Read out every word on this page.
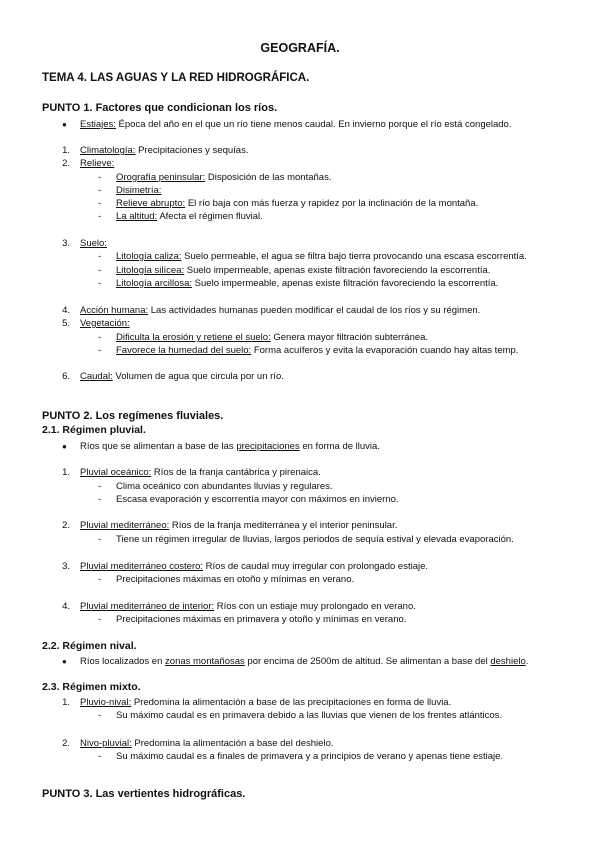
GEOGRAFÍA.
TEMA 4. LAS AGUAS Y LA RED HIDROGRÁFICA.
PUNTO 1. Factores que condicionan los ríos.
● Estiajes: Época del año en el que un río tiene menos caudal. En invierno porque el río está congelado.
1. Climatología: Precipitaciones y sequías.
2. Relieve:
- Orografía peninsular: Disposición de las montañas.
- Disimetría:
- Relieve abrupto: El río baja con más fuerza y rapidez por la inclinación de la montaña.
- La altitud: Afecta el régimen fluvial.
3. Suelo:
- Litología caliza: Suelo permeable, el agua se filtra bajo tierra provocando una escasa escorrentía.
- Litología silícea: Suelo impermeable, apenas existe filtración favoreciendo la escorrentía.
- Litología arcillosa: Suelo impermeable, apenas existe filtración favoreciendo la escorrentía.
4. Acción humana: Las actividades humanas pueden modificar el caudal de los ríos y su régimen.
5. Vegetación:
- Dificulta la erosión y retiene el suelo: Genera mayor filtración subterránea.
- Favorece la humedad del suelo: Forma acuíferos y evita la evaporación cuando hay altas temp.
6. Caudal: Volumen de agua que circula por un río.
PUNTO 2. Los regímenes fluviales.
2.1. Régimen pluvial.
● Ríos que se alimentan a base de las precipitaciones en forma de lluvia.
1. Pluvial oceánico: Ríos de la franja cantábrica y pirenaica.
- Clima oceánico con abundantes lluvias y regulares.
- Escasa evaporación y escorrentía mayor con máximos en invierno.
2. Pluvial mediterráneo: Ríos de la franja mediterránea y el interior peninsular.
- Tiene un régimen irregular de lluvias, largos periodos de sequía estival y elevada evaporación.
3. Pluvial mediterráneo costero: Ríos de caudal muy irregular con prolongado estiaje.
- Precipitaciones máximas en otoño y mínimas en verano.
4. Pluvial mediterráneo de interior: Ríos con un estiaje muy prolongado en verano.
- Precipitaciones máximas en primavera y otoño y mínimas en verano.
2.2. Régimen nival.
● Ríos localizados en zonas montañosas por encima de 2500m de altitud. Se alimentan a base del deshielo.
2.3. Régimen mixto.
1. Pluvio-nival: Predomina la alimentación a base de las precipitaciones en forma de lluvia.
- Su máximo caudal es en primavera debido a las lluvias que vienen de los frentes atlánticos.
2. Nivo-pluvial: Predomina la alimentación a base del deshielo.
- Su máximo caudal es a finales de primavera y a principios de verano y apenas tiene estiaje.
PUNTO 3. Las vertientes hidrográficas.
